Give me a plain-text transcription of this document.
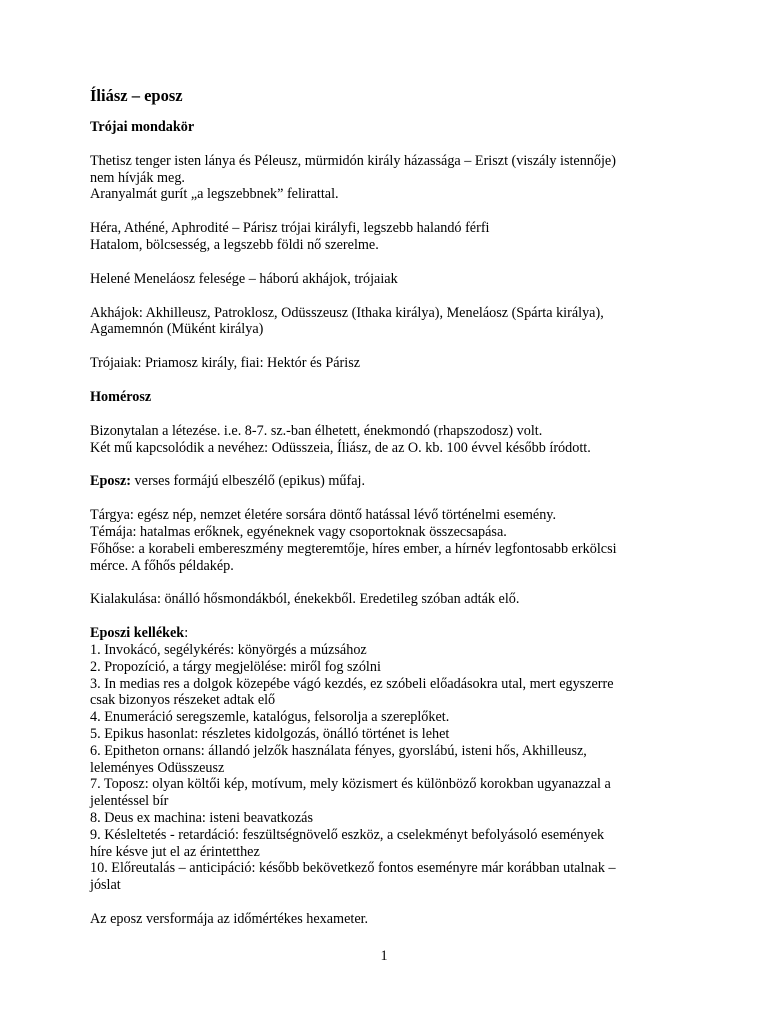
Íliász – eposz
Trójai mondakör
Thetisz tenger isten lánya és Péleusz, mürmidón király házassága – Eriszt (viszály istennője)
nem hívják meg.
Aranyalmát gurít „a legszebbnek” felirattal.
Héra, Athéné, Aphrodité – Párisz trójai királyfi, legszebb halandó férfi
Hatalom, bölcsesség, a legszebb földi nő szerelme.
Helené Meneláosz felesége – háború akhájok, trójaiak
Akhájok: Akhilleusz, Patroklosz, Odüsszeusz (Ithaka királya), Meneláosz (Spárta királya),
Agamemnón (Müként királya)
Trójaiak: Priamosz király, fiai: Hektór és Párisz
Homérosz
Bizonytalan a létezése. i.e. 8-7. sz.-ban élhetett, énekmondó (rhapszodosz) volt.
Két mű kapcsolódik a nevéhez: Odüsszeia, Íliász, de az O. kb. 100 évvel később íródott.
Eposz: verses formájú elbeszélő (epikus) műfaj.
Tárgya: egész nép, nemzet életére sorsára döntő hatással lévő történelmi esemény.
Témája: hatalmas erőknek, egyéneknek vagy csoportoknak összecsapása.
Főhőse: a korabeli embereszmény megteremtője, híres ember, a hírnév legfontosabb erkölcsi
mérce. A főhős példakép.
Kialakulása: önálló hősmondákból, énekekből. Eredetileg szóban adták elő.
Eposzi kellékek:
1. Invokácó, segélykérés: könyörgés a múzsához
2. Propozíció, a tárgy megjelölése: miről fog szólni
3. In medias res a dolgok közepébe vágó kezdés, ez szóbeli előadásokra utal, mert egyszerre
csak bizonyos részeket adtak elő
4. Enumeráció seregszemle, katalógus, felsorolja a szereplőket.
5. Epikus hasonlat: részletes kidolgozás, önálló történet is lehet
6. Epitheton ornans: állandó jelzők használata fényes, gyorslábú, isteni hős, Akhilleusz,
leleményes Odüsszeusz
7. Toposz: olyan költői kép, motívum, mely közismert és különböző korokban ugyanazzal a
jelentéssel bír
8. Deus ex machina: isteni beavatkozás
9. Késleltetés - retardáció: feszültségnövelő eszköz, a cselekményt befolyásoló események
híre késve jut el az érintetthez
10. Előreutalás – anticipáció: később bekövetkező fontos eseményre már korábban utalnak –
jóslat
Az eposz versformája az időmértékes hexameter.
1
